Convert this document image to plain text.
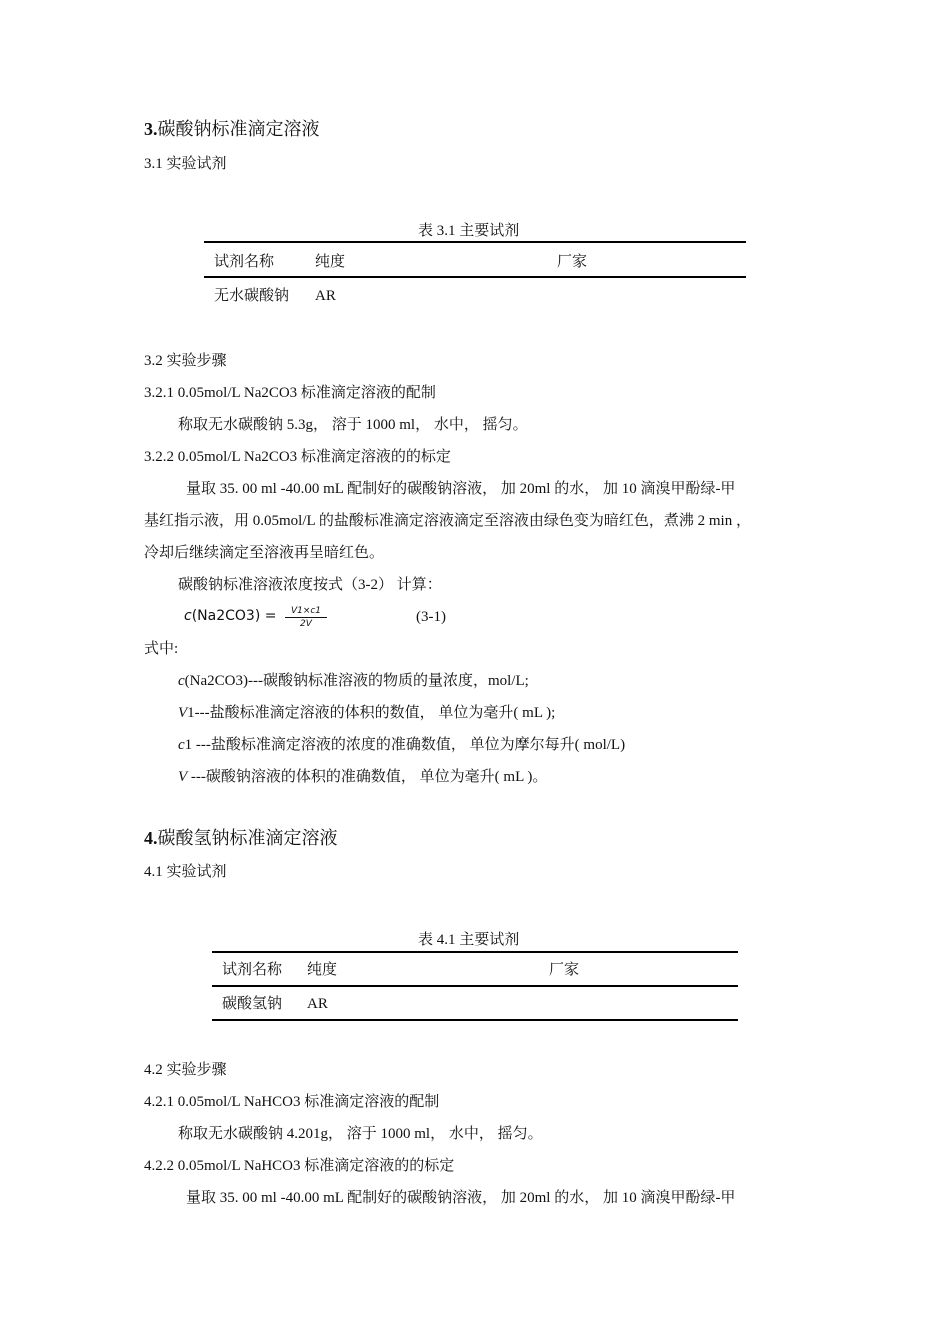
3.碳酸钠标准滴定溶液
3.1 实验试剂
表 3.1 主要试剂
试剂名称	纯度	厂家
无水碳酸钠 AR
3.2 实验步骤
3.2.1 0.05mol/L Na2CO3 标准滴定溶液的配制
称取无水碳酸钠 5.3g， 溶于 1000 ml， 水中， 摇匀。
3.2.2 0.05mol/L Na2CO3 标准滴定溶液的的标定
量取 35. 00 ml -40.00 mL 配制好的碳酸钠溶液， 加 20ml 的水， 加 10 滴溴甲酚绿-甲
基红指示液，用 0.05mol/L 的盐酸标准滴定溶液滴定至溶液由绿色变为暗红色，煮沸 2 min ，
冷却后继续滴定至溶液再呈暗红色。
碳酸钠标准溶液浓度按式（3-2） 计算：
c(Na2CO3) =	V1×c1
2V	(3-1)
式中:
c(Na2CO3)---碳酸钠标准溶液的物质的量浓度，mol/L;
V1---盐酸标准滴定溶液的体积的数值， 单位为毫升( mL );
c1 ---盐酸标准滴定溶液的浓度的准确数值， 单位为摩尔每升( mol/L)
V ---碳酸钠溶液的体积的准确数值， 单位为毫升( mL )。
4.碳酸氢钠标准滴定溶液
4.1 实验试剂
表 4.1 主要试剂
试剂名称 纯度	厂家
碳酸氢钠 AR
4.2 实验步骤
4.2.1 0.05mol/L NaHCO3 标准滴定溶液的配制
称取无水碳酸钠 4.201g， 溶于 1000 ml， 水中， 摇匀。
4.2.2 0.05mol/L NaHCO3 标准滴定溶液的的标定
量取 35. 00 ml -40.00 mL 配制好的碳酸钠溶液， 加 20ml 的水， 加 10 滴溴甲酚绿-甲
